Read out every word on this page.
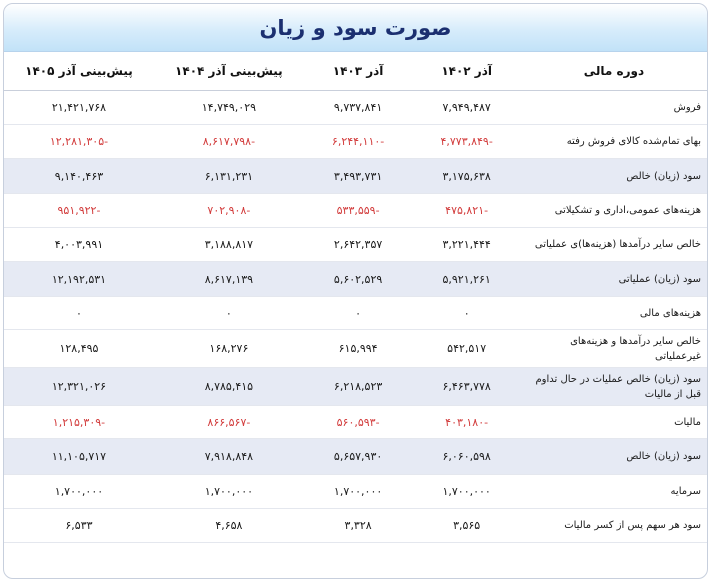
صورت سود و زیان
دوره مالی	آذر ۱۴۰۲	آذر ۱۴۰۳	پیش‌بینی آذر ۱۴۰۴	پیش‌بینی آذر ۱۴۰۵
فروش	۷,۹۴۹,۴۸۷	۹,۷۳۷,۸۴۱	۱۴,۷۴۹,۰۲۹	۲۱,۴۲۱,۷۶۸
بهای تمام‌شده کالای فروش رفته	-۴,۷۷۳,۸۴۹	-۶,۲۴۴,۱۱۰	-۸,۶۱۷,۷۹۸	-۱۲,۲۸۱,۳۰۵
سود (زیان) خالص	۳,۱۷۵,۶۳۸	۳,۴۹۳,۷۳۱	۶,۱۳۱,۲۳۱	۹,۱۴۰,۴۶۳
هزینه‌های عمومی،اداری و تشکیلاتی	-۴۷۵,۸۲۱	-۵۳۳,۵۵۹	-۷۰۲,۹۰۸	-۹۵۱,۹۲۲
خالص سایر درآمدها (هزینه‌ها)ی عملیاتی	۳,۲۲۱,۴۴۴	۲,۶۴۲,۳۵۷	۳,۱۸۸,۸۱۷	۴,۰۰۳,۹۹۱
سود (زیان) عملیاتی	۵,۹۲۱,۲۶۱	۵,۶۰۲,۵۲۹	۸,۶۱۷,۱۳۹	۱۲,۱۹۲,۵۳۱
هزینه‌های مالی	۰	۰	۰	۰
خالص سایر درآمدها و هزینه‌های غیرعملیاتی	۵۴۲,۵۱۷	۶۱۵,۹۹۴	۱۶۸,۲۷۶	۱۲۸,۴۹۵
سود (زیان) خالص عملیات در حال تداوم قبل از مالیات	۶,۴۶۳,۷۷۸	۶,۲۱۸,۵۲۳	۸,۷۸۵,۴۱۵	۱۲,۳۲۱,۰۲۶
مالیات	-۴۰۳,۱۸۰	-۵۶۰,۵۹۳	-۸۶۶,۵۶۷	-۱,۲۱۵,۳۰۹
سود (زیان) خالص	۶,۰۶۰,۵۹۸	۵,۶۵۷,۹۳۰	۷,۹۱۸,۸۴۸	۱۱,۱۰۵,۷۱۷
سرمایه	۱,۷۰۰,۰۰۰	۱,۷۰۰,۰۰۰	۱,۷۰۰,۰۰۰	۱,۷۰۰,۰۰۰
سود هر سهم پس از کسر مالیات	۳,۵۶۵	۳,۳۲۸	۴,۶۵۸	۶,۵۳۳
